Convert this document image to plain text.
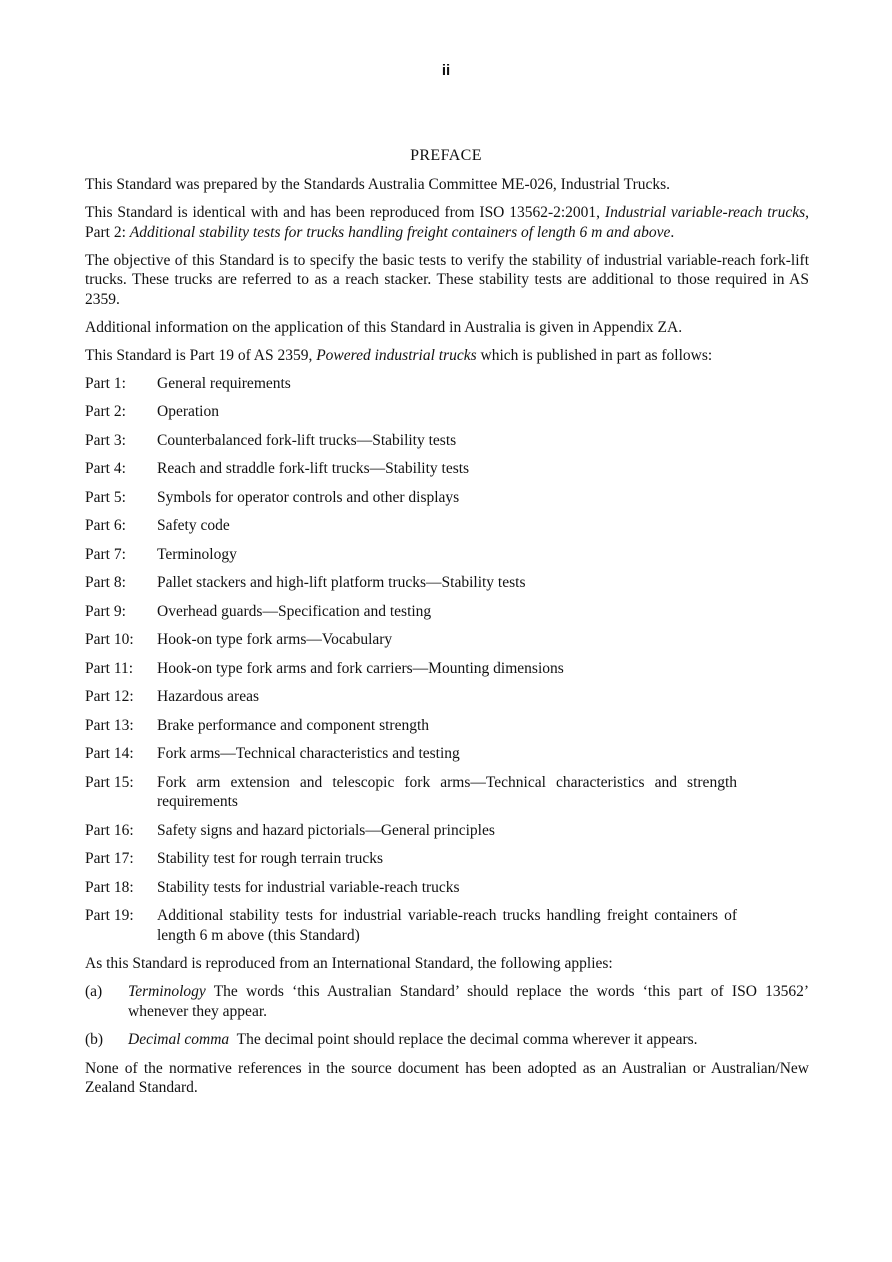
ii
PREFACE

This Standard was prepared by the Standards Australia Committee ME-026, Industrial Trucks.

This Standard is identical with and has been reproduced from ISO 13562-2:2001, Industrial variable-reach trucks, Part 2: Additional stability tests for trucks handling freight containers of length 6 m and above.

The objective of this Standard is to specify the basic tests to verify the stability of industrial variable-reach fork-lift trucks. These trucks are referred to as a reach stacker. These stability tests are additional to those required in AS 2359.

Additional information on the application of this Standard in Australia is given in Appendix ZA.

This Standard is Part 19 of AS 2359, Powered industrial trucks which is published in part as follows:

Part 1:	General requirements
Part 2:	Operation
Part 3:	Counterbalanced fork-lift trucks—Stability tests
Part 4:	Reach and straddle fork-lift trucks—Stability tests
Part 5:	Symbols for operator controls and other displays
Part 6:	Safety code
Part 7:	Terminology
Part 8:	Pallet stackers and high-lift platform trucks—Stability tests
Part 9:	Overhead guards—Specification and testing
Part 10:	Hook-on type fork arms—Vocabulary
Part 11:	Hook-on type fork arms and fork carriers—Mounting dimensions
Part 12:	Hazardous areas
Part 13:	Brake performance and component strength
Part 14:	Fork arms—Technical characteristics and testing
Part 15:	Fork arm extension and telescopic fork arms—Technical characteristics and strength requirements
Part 16:	Safety signs and hazard pictorials—General principles
Part 17:	Stability test for rough terrain trucks
Part 18:	Stability tests for industrial variable-reach trucks
Part 19:	Additional stability tests for industrial variable-reach trucks handling freight containers of length 6 m above (this Standard)

As this Standard is reproduced from an International Standard, the following applies:

(a)	Terminology The words ‘this Australian Standard’ should replace the words ‘this part of ISO 13562’ whenever they appear.
(b)	Decimal comma  The decimal point should replace the decimal comma wherever it appears.

None of the normative references in the source document has been adopted as an Australian or Australian/New Zealand Standard.
